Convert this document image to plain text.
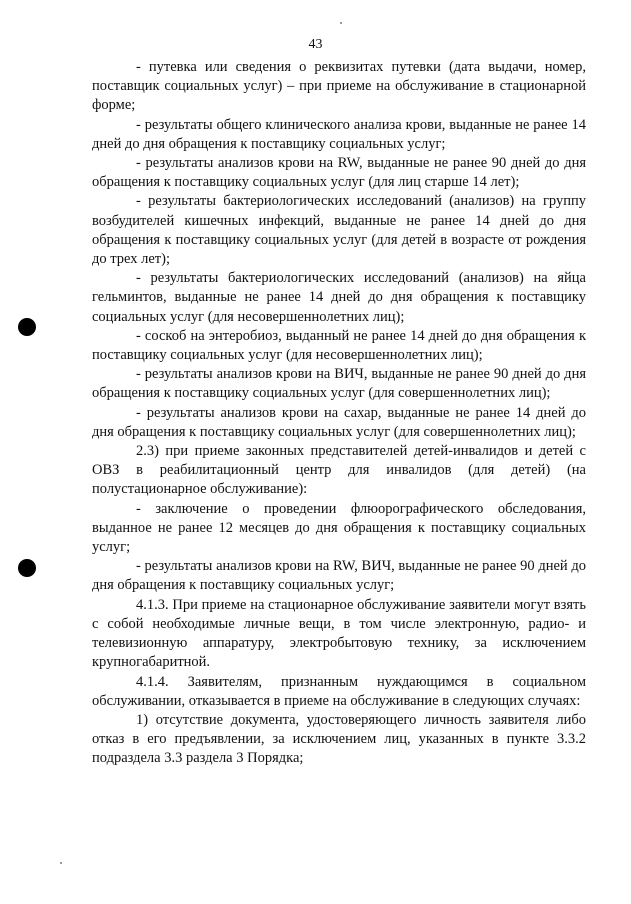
43

- путевка или сведения о реквизитах путевки (дата выдачи, номер, поставщик социальных услуг) – при приеме на обслуживание в стационарной форме;

- результаты общего клинического анализа крови, выданные не ранее 14 дней до дня обращения к поставщику социальных услуг;

- результаты анализов крови на RW, выданные не ранее 90 дней до дня обращения к поставщику социальных услуг (для лиц старше 14 лет);

- результаты бактериологических исследований (анализов) на группу возбудителей кишечных инфекций, выданные не ранее 14 дней до дня обращения к поставщику социальных услуг (для детей в возрасте от рождения до трех лет);

- результаты бактериологических исследований (анализов) на яйца гельминтов, выданные не ранее 14 дней до дня обращения к поставщику социальных услуг (для несовершеннолетних лиц);

- соскоб на энтеробиоз, выданный не ранее 14 дней до дня обращения к поставщику социальных услуг (для несовершеннолетних лиц);

- результаты анализов крови на ВИЧ, выданные не ранее 90 дней до дня обращения к поставщику социальных услуг (для совершеннолетних лиц);

- результаты анализов крови на сахар, выданные не ранее 14 дней до дня обращения к поставщику социальных услуг (для совершеннолетних лиц);

2.3) при приеме законных представителей детей-инвалидов и детей с ОВЗ в реабилитационный центр для инвалидов (для детей) (на полустационарное обслуживание):

- заключение о проведении флюорографического обследования, выданное не ранее 12 месяцев до дня обращения к поставщику социальных услуг;

- результаты анализов крови на RW, ВИЧ, выданные не ранее 90 дней до дня обращения к поставщику социальных услуг;

4.1.3. При приеме на стационарное обслуживание заявители могут взять с собой необходимые личные вещи, в том числе электронную, радио- и телевизионную аппаратуру, электробытовую технику, за исключением крупногабаритной.

4.1.4. Заявителям, признанным нуждающимся в социальном обслуживании, отказывается в приеме на обслуживание в следующих случаях:

1) отсутствие документа, удостоверяющего личность заявителя либо отказ в его предъявлении, за исключением лиц, указанных в пункте 3.3.2 подраздела 3.3 раздела 3 Порядка;
